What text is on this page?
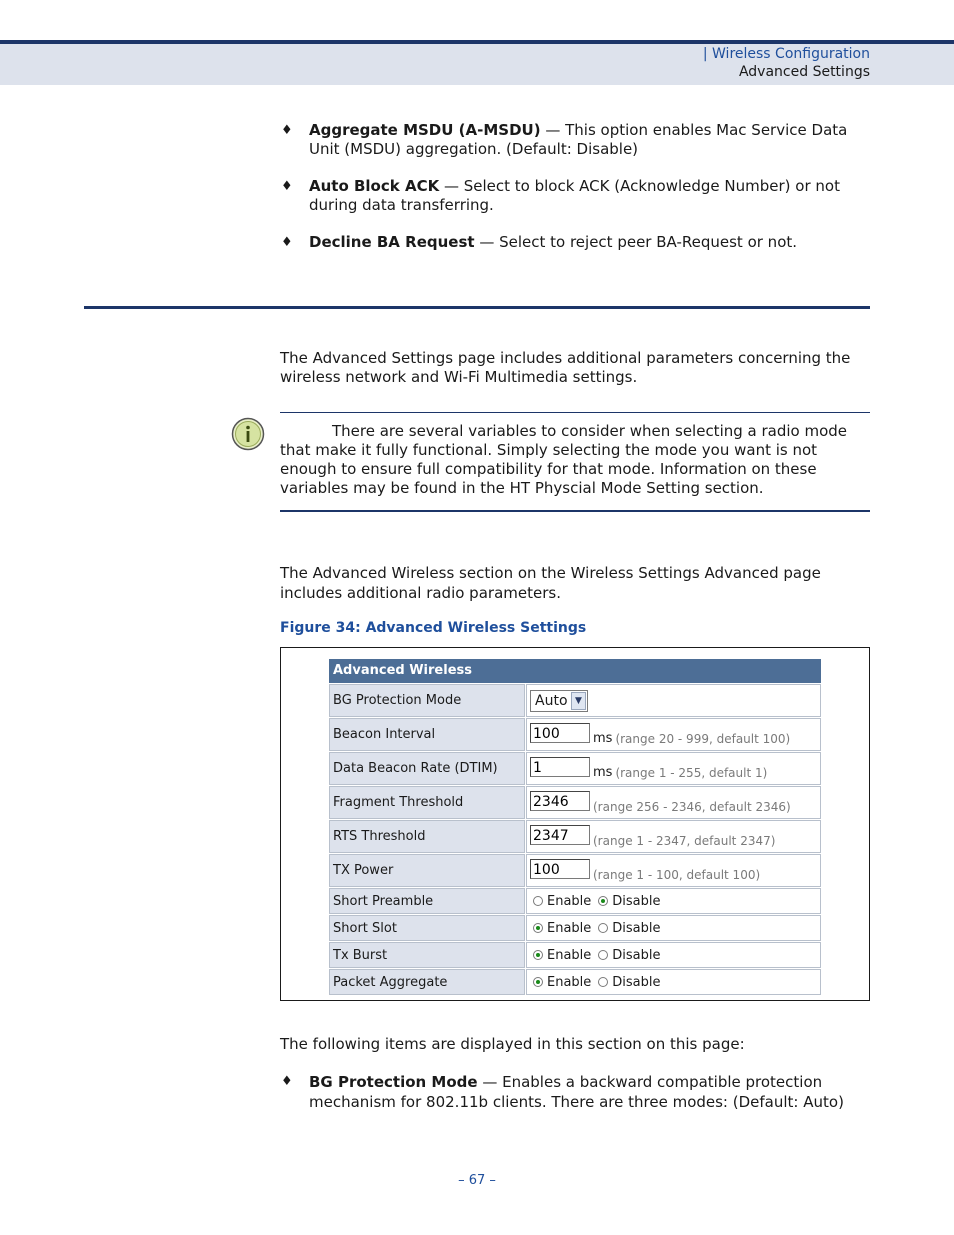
| Wireless Configuration
Advanced Settings
♦	Aggregate MSDU (A-MSDU) — This option enables Mac Service Data Unit (MSDU) aggregation. (Default: Disable)
♦	Auto Block ACK — Select to block ACK (Acknowledge Number) or not during data transferring.
♦	Decline BA Request — Select to reject peer BA-Request or not.
The Advanced Settings page includes additional parameters concerning the wireless network and Wi-Fi Multimedia settings.
There are several variables to consider when selecting a radio mode that make it fully functional. Simply selecting the mode you want is not enough to ensure full compatibility for that mode. Information on these variables may be found in the HT Physcial Mode Setting section.
The Advanced Wireless section on the Wireless Settings Advanced page includes additional radio parameters.
Figure 34: Advanced Wireless Settings
Advanced Wireless
BG Protection Mode	Auto ▼
Beacon Interval	100	ms (range 20 - 999, default 100)
Data Beacon Rate (DTIM)	1	ms (range 1 - 255, default 1)
Fragment Threshold	2346	(range 256 - 2346, default 2346)
RTS Threshold	2347	(range 1 - 2347, default 2347)
TX Power	100	(range 1 - 100, default 100)
Short Preamble	Enable Disable
Short Slot	Enable Disable
Tx Burst	Enable Disable
Packet Aggregate	Enable Disable
The following items are displayed in this section on this page:
♦	BG Protection Mode — Enables a backward compatible protection mechanism for 802.11b clients. There are three modes: (Default: Auto)
– 67 –
